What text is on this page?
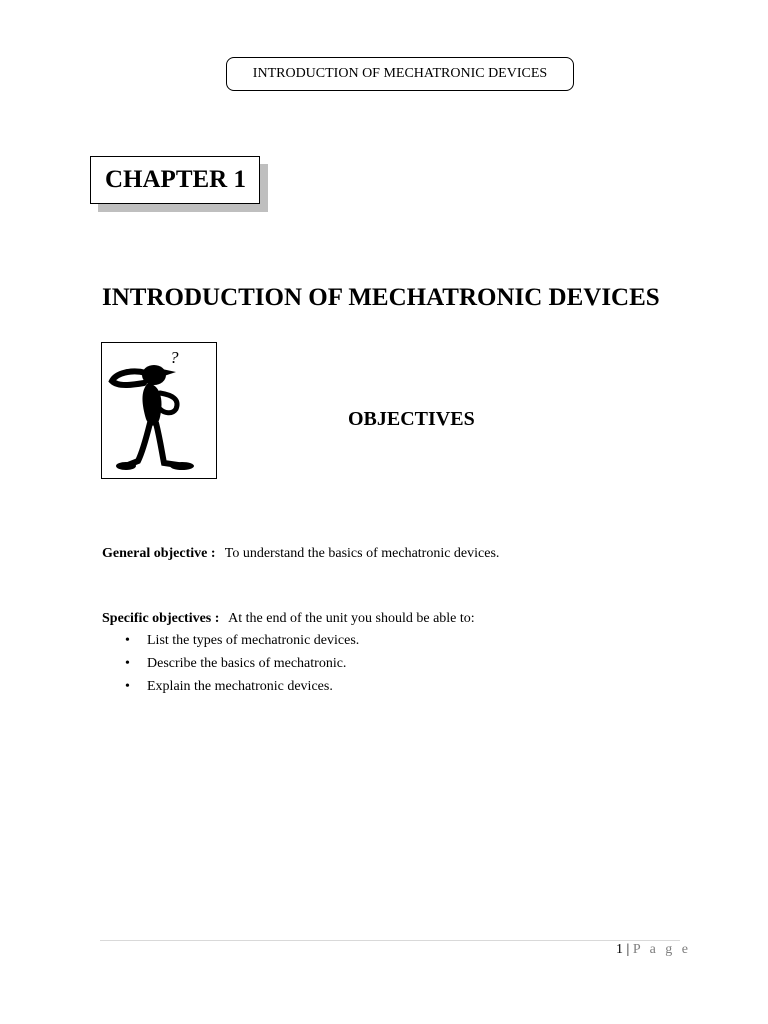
INTRODUCTION OF MECHATRONIC DEVICES
CHAPTER 1
INTRODUCTION OF MECHATRONIC DEVICES
?
OBJECTIVES
General objective : To understand the basics of mechatronic devices.
Specific objectives : At the end of the unit you should be able to:
• List the types of mechatronic devices.
• Describe the basics of mechatronic.
• Explain the mechatronic devices.
1 | P a g e
